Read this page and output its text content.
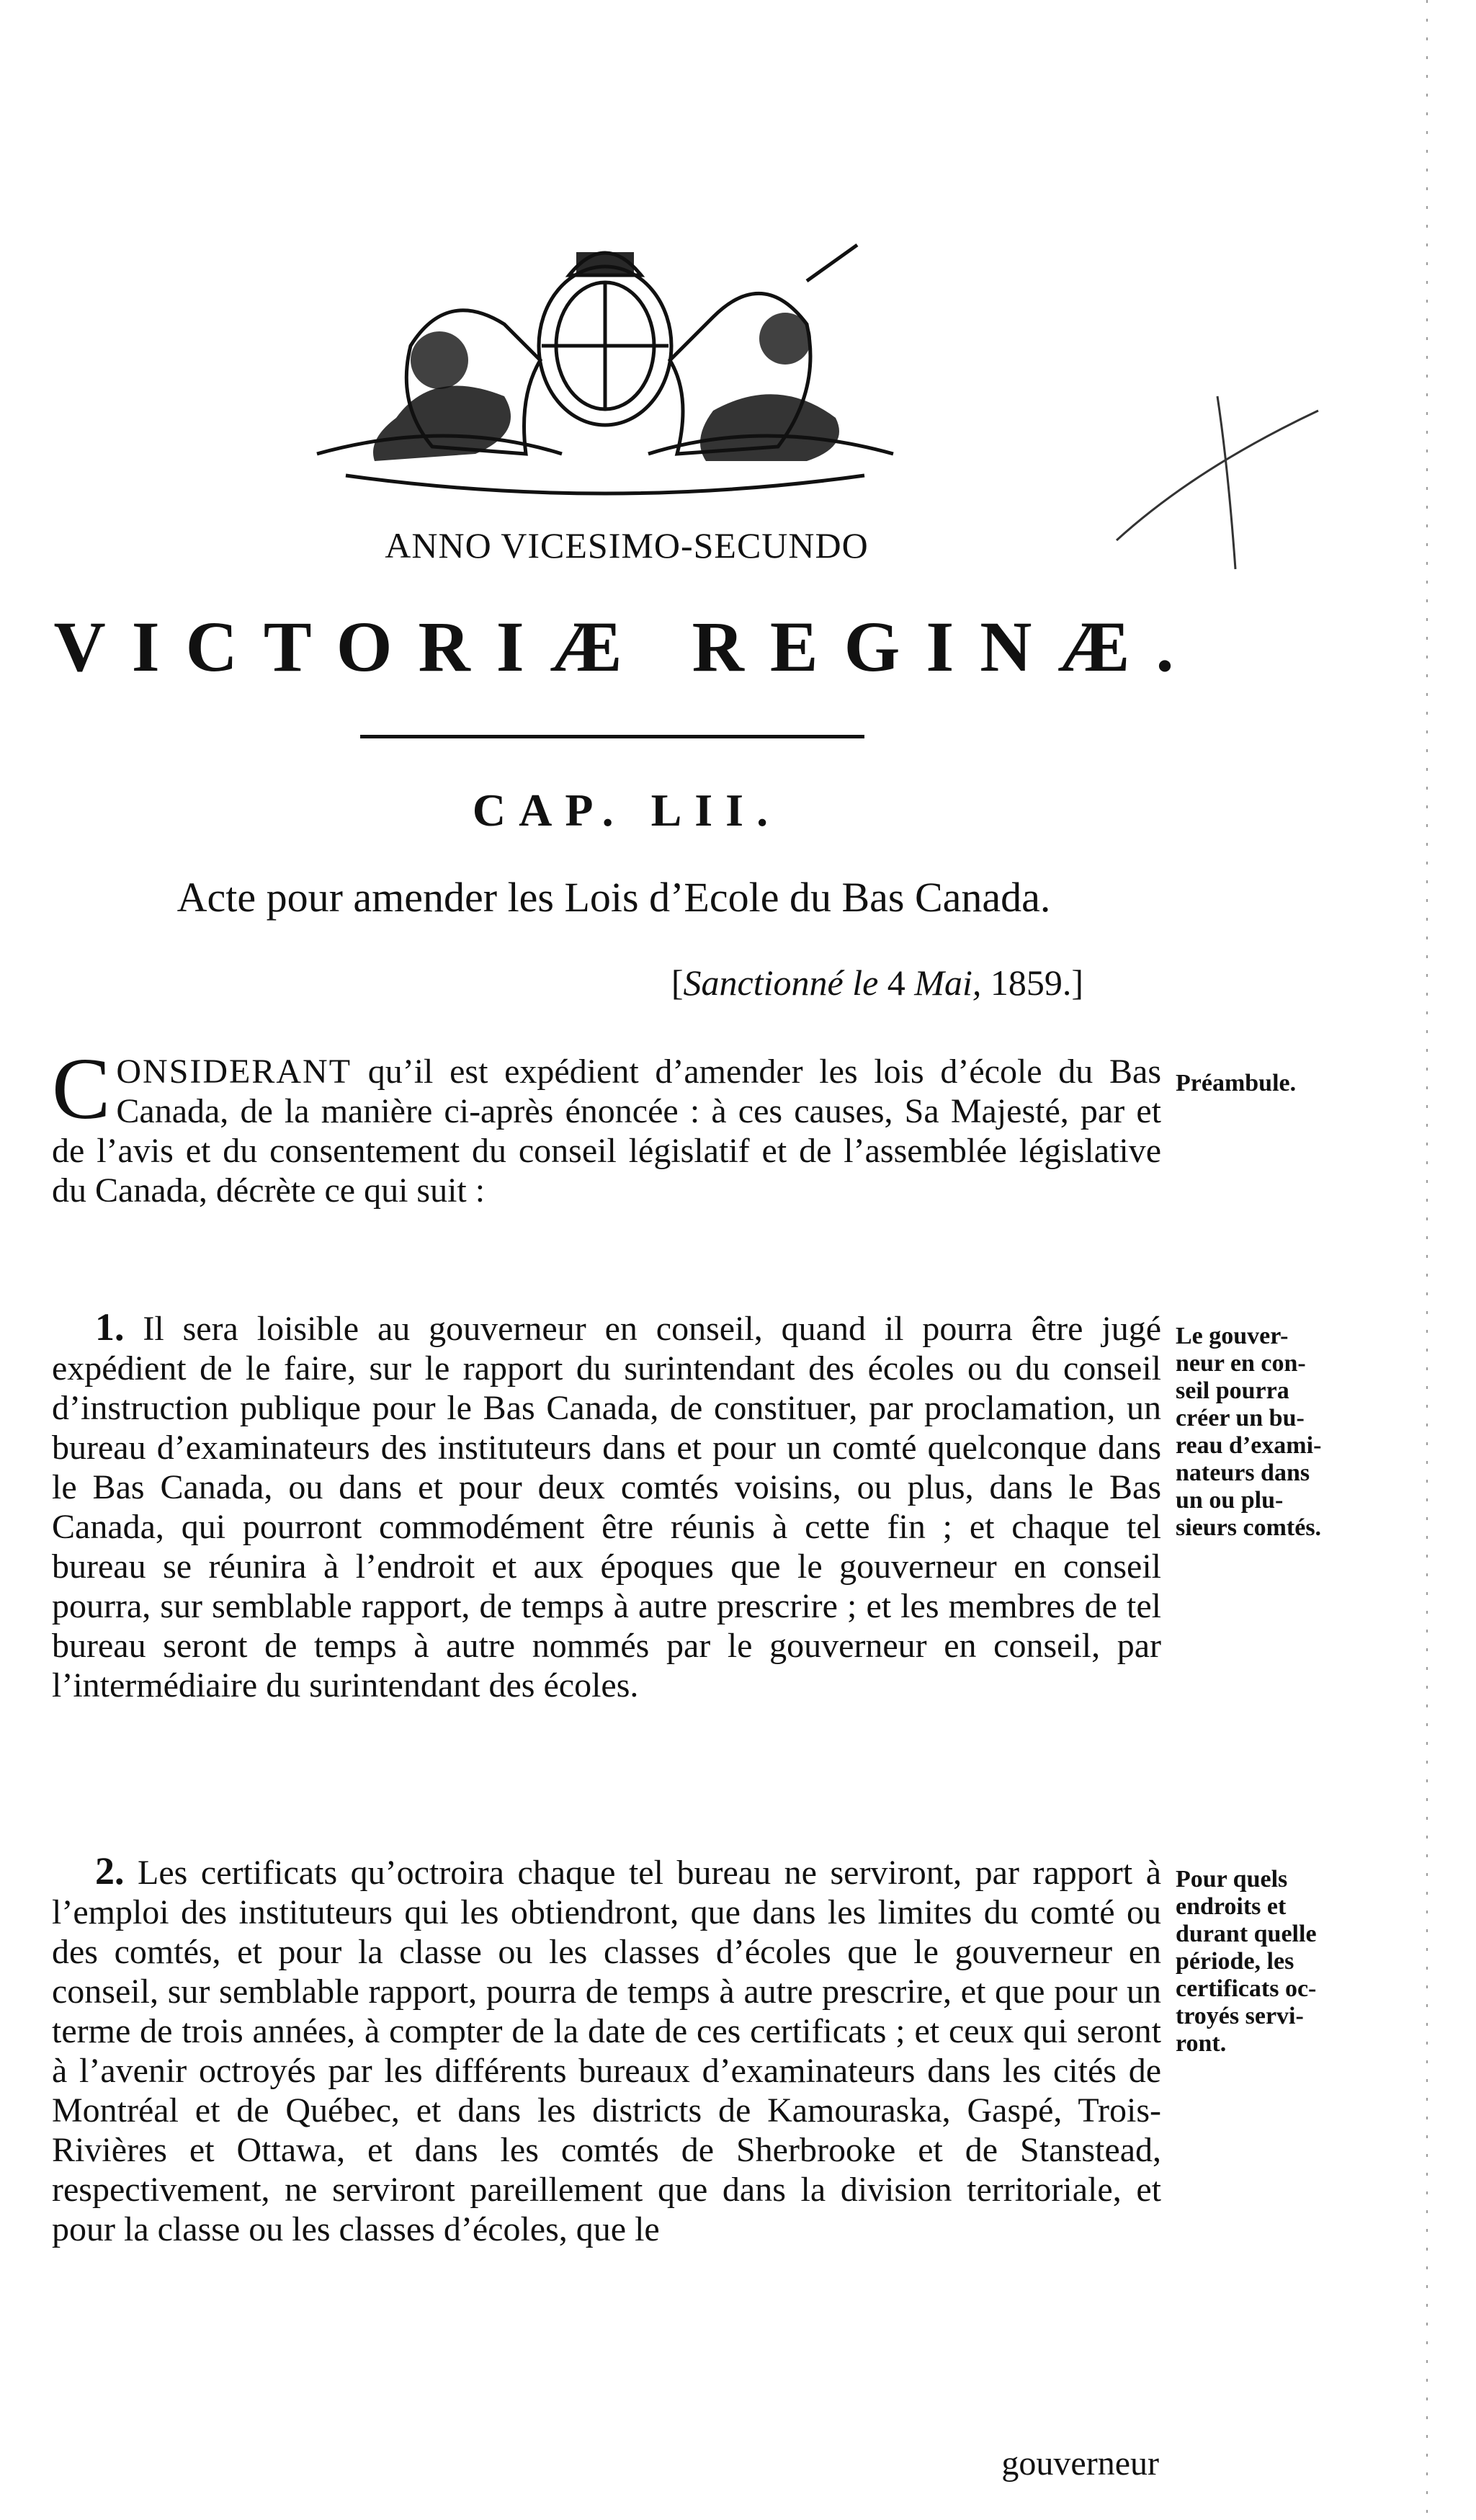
ANNO VICESIMO-SECUNDO
VICTORIÆ REGINÆ.
CAP. LII.
Acte pour amender les Lois d’Ecole du Bas Canada.
[Sanctionné le 4 Mai, 1859.]
CONSIDERANT qu’il est expédient d’amender les lois d’école du Bas Canada, de la manière ci-après énoncée : à ces causes, Sa Majesté, par et de l’avis et du consentement du conseil législatif et de l’assemblée législative du Canada, décrète ce qui suit :
1. Il sera loisible au gouverneur en conseil, quand il pourra être jugé expédient de le faire, sur le rapport du surintendant des écoles ou du conseil d’instruction publique pour le Bas Canada, de constituer, par proclamation, un bureau d’examinateurs des instituteurs dans et pour un comté quelconque dans le Bas Canada, ou dans et pour deux comtés voisins, ou plus, dans le Bas Canada, qui pourront commodément être réunis à cette fin ; et chaque tel bureau se réunira à l’endroit et aux époques que le gouverneur en conseil pourra, sur semblable rapport, de temps à autre prescrire ; et les membres de tel bureau seront de temps à autre nommés par le gouverneur en conseil, par l’intermédiaire du surintendant des écoles.
2. Les certificats qu’octroira chaque tel bureau ne serviront, par rapport à l’emploi des instituteurs qui les obtiendront, que dans les limites du comté ou des comtés, et pour la classe ou les classes d’écoles que le gouverneur en conseil, sur semblable rapport, pourra de temps à autre prescrire, et que pour un terme de trois années, à compter de la date de ces certificats ; et ceux qui seront à l’avenir octroyés par les différents bureaux d’examinateurs dans les cités de Montréal et de Québec, et dans les districts de Kamouraska, Gaspé, Trois-Rivières et Ottawa, et dans les comtés de Sherbrooke et de Stanstead, respectivement, ne serviront pareillement que dans la division territoriale, et pour la classe ou les classes d’écoles, que le
gouverneur
Préambule.
Le gouver-
neur en con-
seil pourra
créer un bu-
reau d’exami-
nateurs dans
un ou plu-
sieurs comtés.
Pour quels
endroits et
durant quelle
période, les
certificats oc-
troyés servi-
ront.
